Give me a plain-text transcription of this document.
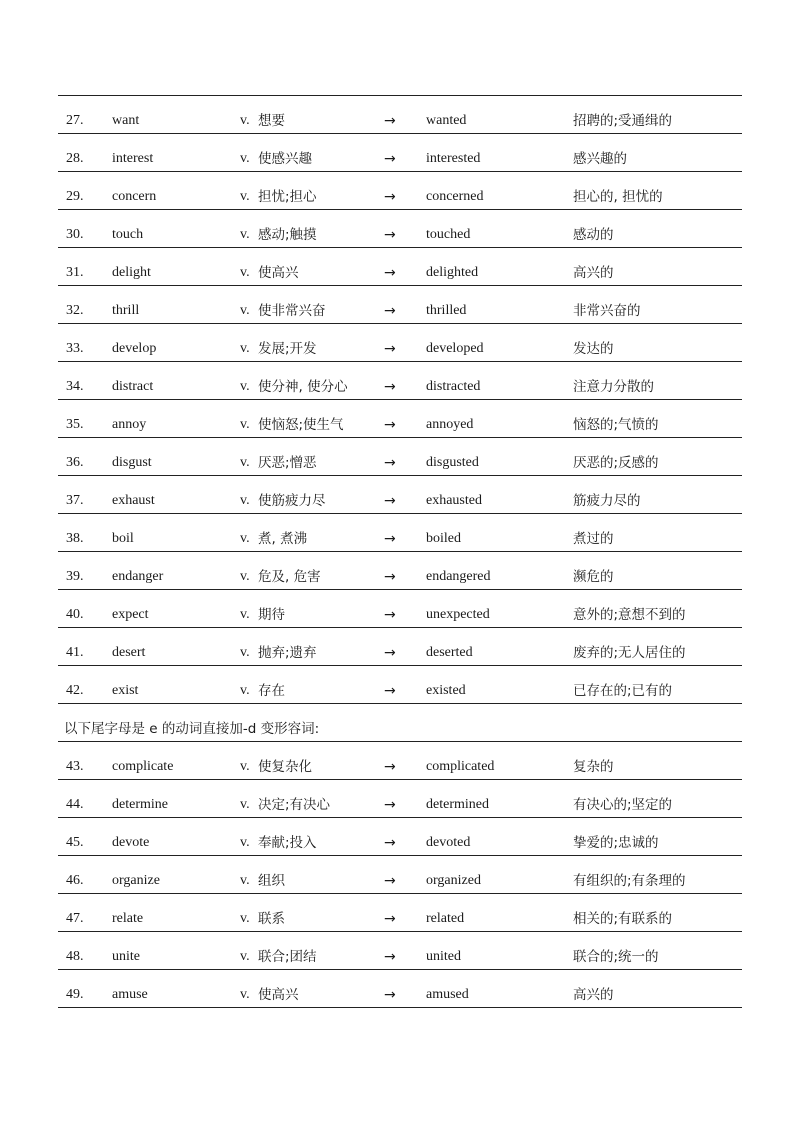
27. want	v. 想要	→ wanted	招聘的;受通缉的
28. interest	v. 使感兴趣	→ interested	感兴趣的
29. concern	v. 担忧;担心	→ concerned	担心的, 担忧的
30. touch	v. 感动;触摸	→ touched	感动的
31. delight	v. 使高兴	→ delighted	高兴的
32. thrill	v. 使非常兴奋	→ thrilled	非常兴奋的
33. develop	v. 发展;开发	→ developed	发达的
34. distract	v. 使分神, 使分心	→ distracted	注意力分散的
35. annoy	v. 使恼怒;使生气	→ annoyed	恼怒的;气愤的
36. disgust	v. 厌恶;憎恶	→ disgusted	厌恶的;反感的
37. exhaust	v. 使筋疲力尽	→ exhausted	筋疲力尽的
38. boil	v. 煮, 煮沸	→ boiled	煮过的
39. endanger	v. 危及, 危害	→ endangered	濒危的
40. expect	v. 期待	→ unexpected	意外的;意想不到的
41. desert	v. 抛弃;遗弃	→ deserted	废弃的;无人居住的
42. exist	v. 存在	→ existed	已存在的;已有的
以下尾字母是 e 的动词直接加-d 变形容词:
43. complicate	v. 使复杂化	→ complicated	复杂的
44. determine	v. 决定;有决心	→ determined	有决心的;坚定的
45. devote	v. 奉献;投入	→ devoted	挚爱的;忠诚的
46. organize	v. 组织	→ organized	有组织的;有条理的
47. relate	v. 联系	→ related	相关的;有联系的
48. unite	v. 联合;团结	→ united	联合的;统一的
49. amuse	v. 使高兴	→ amused	高兴的
